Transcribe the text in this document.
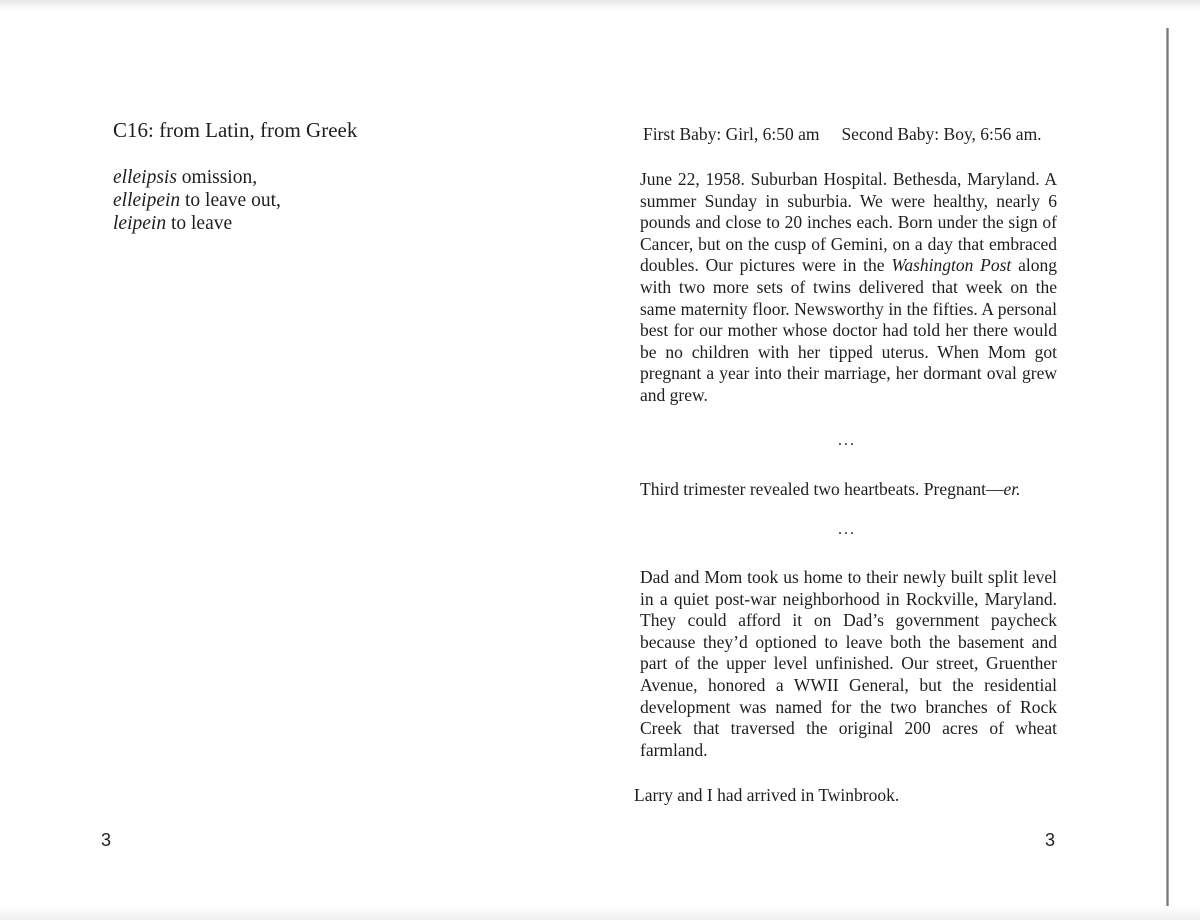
C16: from Latin, from Greek

elleipsis omission,
elleipein to leave out,
leipein to leave
3

First Baby: Girl, 6:50 am Second Baby: Boy, 6:56 am.

June 22, 1958. Suburban Hospital. Bethesda, Maryland. A summer Sunday in suburbia. We were healthy, nearly 6 pounds and close to 20 inches each. Born under the sign of Cancer, but on the cusp of Gemini, on a day that embraced doubles. Our pictures were in the Washington Post along with two more sets of twins delivered that week on the same maternity floor. Newsworthy in the fifties. A personal best for our mother whose doctor had told her there would be no children with her tipped uterus. When Mom got pregnant a year into their marriage, her dormant oval grew and grew.

...

Third trimester revealed two heartbeats. Pregnant—er.

...

Dad and Mom took us home to their newly built split level in a quiet post-war neighborhood in Rockville, Maryland. They could afford it on Dad’s government paycheck because they’d optioned to leave both the basement and part of the upper level unfinished. Our street, Gruenther Avenue, honored a WWII General, but the residential development was named for the two branches of Rock Creek that traversed the original 200 acres of wheat farmland.

Larry and I had arrived in Twinbrook.

3
